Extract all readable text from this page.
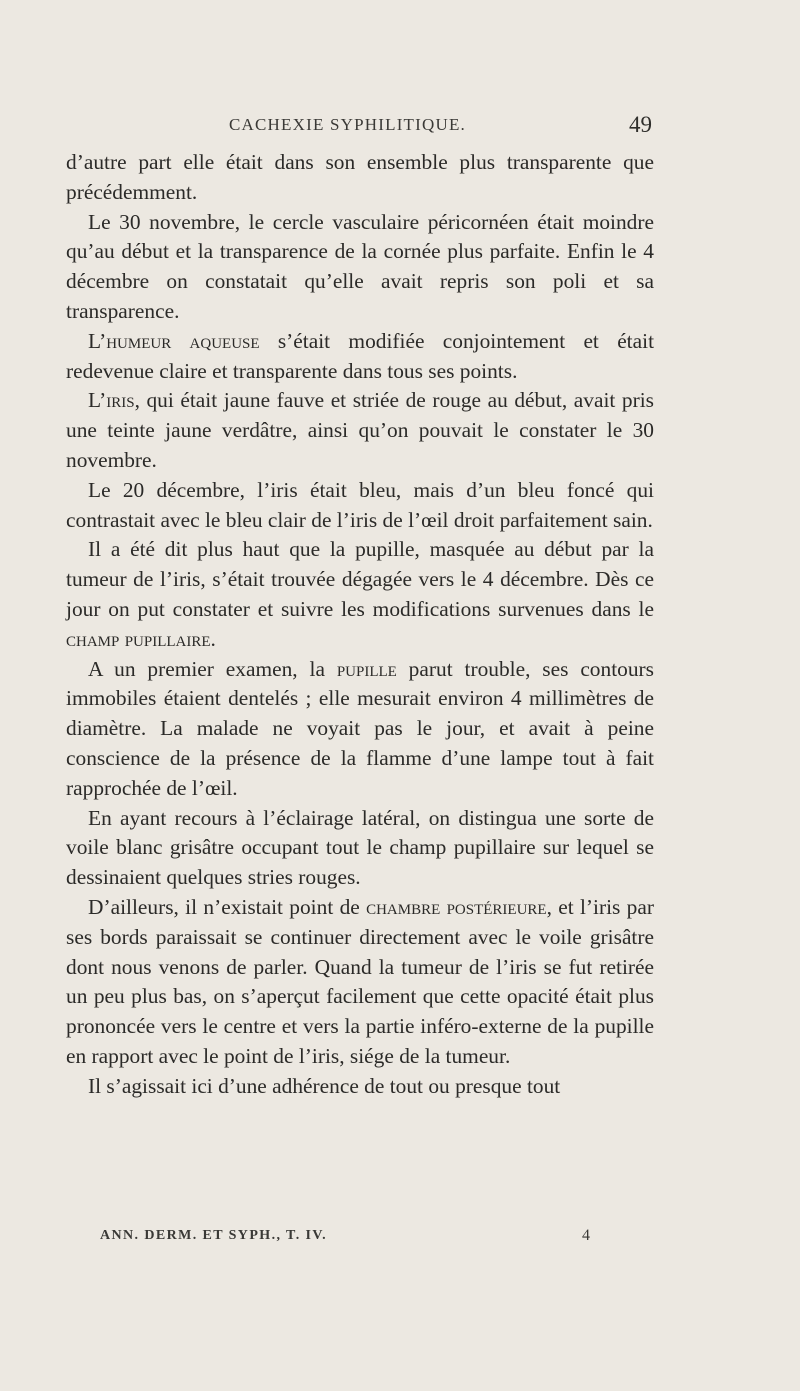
CACHEXIE SYPHILITIQUE.	49

d’autre part elle était dans son ensemble plus transparente que précédemment.

Le 30 novembre, le cercle vasculaire péricornéen était moindre qu’au début et la transparence de la cornée plus parfaite. Enfin le 4 décembre on constatait qu’elle avait repris son poli et sa transparence.

L’humeur aqueuse s’était modifiée conjointement et était redevenue claire et transparente dans tous ses points.

L’iris, qui était jaune fauve et striée de rouge au début, avait pris une teinte jaune verdâtre, ainsi qu’on pouvait le constater le 30 novembre.

Le 20 décembre, l’iris était bleu, mais d’un bleu foncé qui contrastait avec le bleu clair de l’iris de l’œil droit parfaitement sain.

Il a été dit plus haut que la pupille, masquée au début par la tumeur de l’iris, s’était trouvée dégagée vers le 4 décembre. Dès ce jour on put constater et suivre les modifications survenues dans le champ pupillaire.

A un premier examen, la pupille parut trouble, ses contours immobiles étaient dentelés ; elle mesurait environ 4 millimètres de diamètre. La malade ne voyait pas le jour, et avait à peine conscience de la présence de la flamme d’une lampe tout à fait rapprochée de l’œil.

En ayant recours à l’éclairage latéral, on distingua une sorte de voile blanc grisâtre occupant tout le champ pupillaire sur lequel se dessinaient quelques stries rouges.

D’ailleurs, il n’existait point de chambre postérieure, et l’iris par ses bords paraissait se continuer directement avec le voile grisâtre dont nous venons de parler. Quand la tumeur de l’iris se fut retirée un peu plus bas, on s’aperçut facilement que cette opacité était plus prononcée vers le centre et vers la partie inféro-externe de la pupille en rapport avec le point de l’iris, siége de la tumeur.

Il s’agissait ici d’une adhérence de tout ou presque tout

ANN. DERM. ET SYPH., T. IV.	4
